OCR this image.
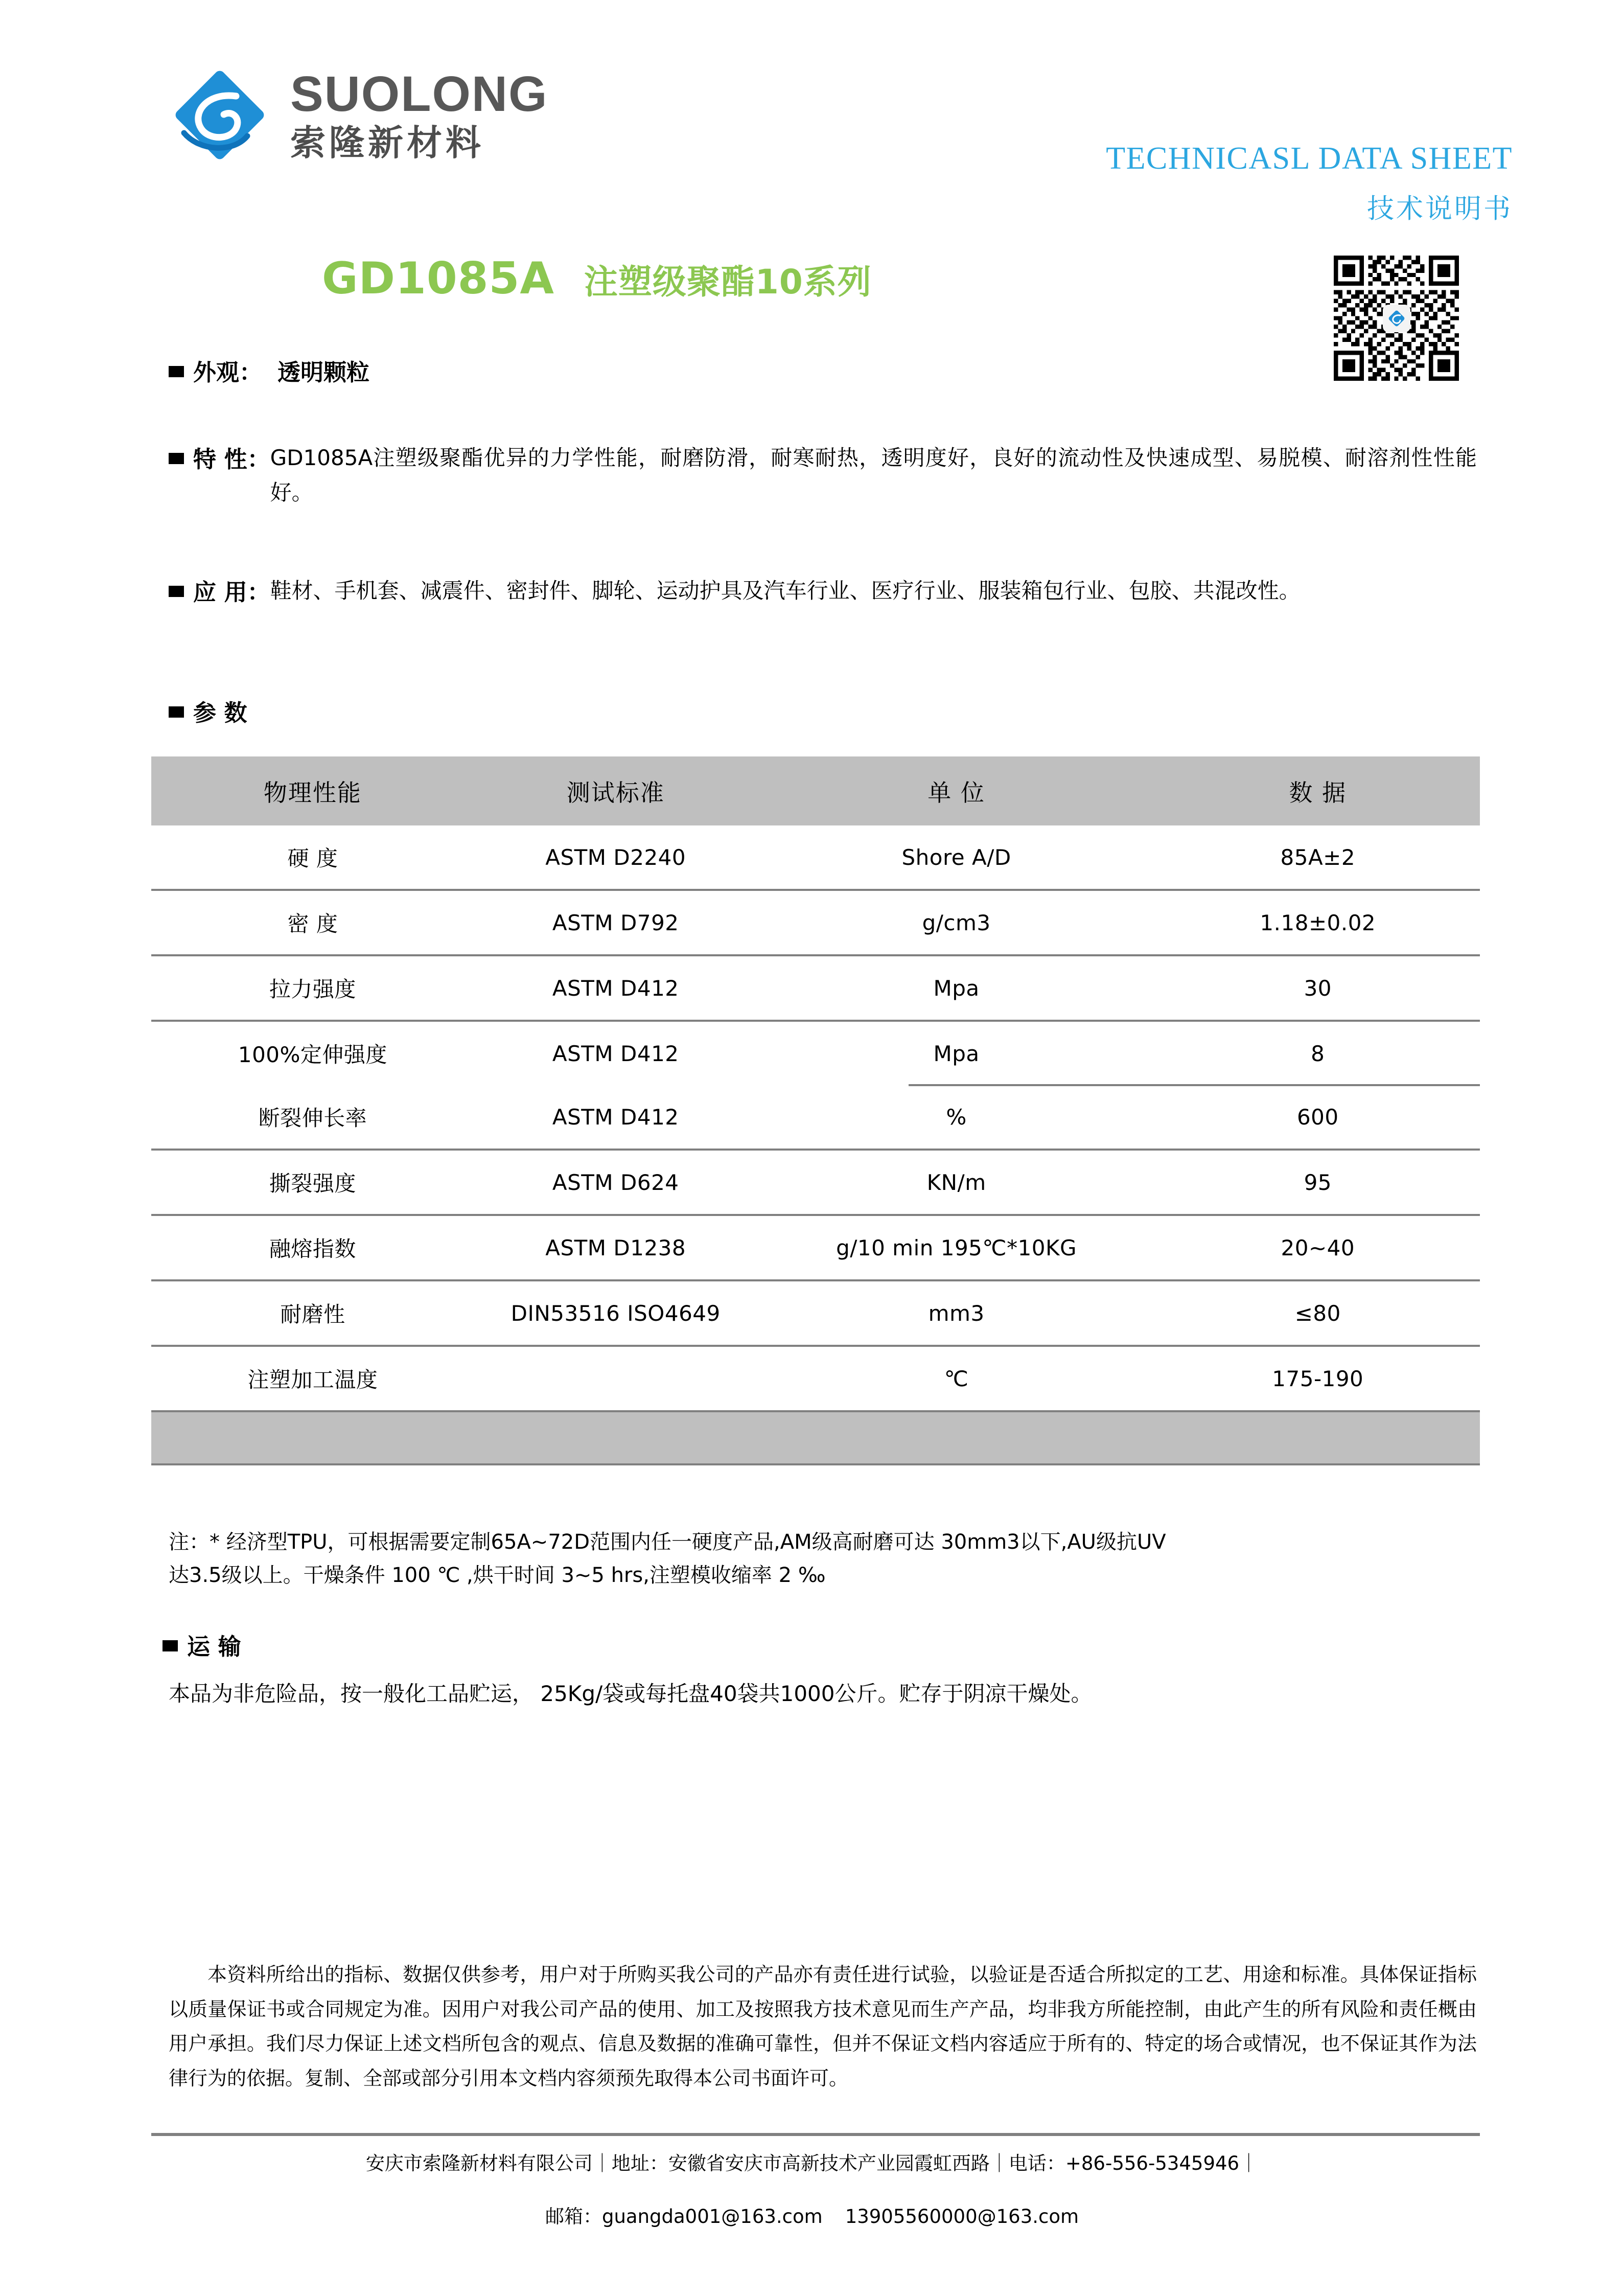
SUOLONG
索隆新材料	TECHNICASL DATA SHEET
技术说明书
GD1085A 注塑级聚酯10系列
外观： 透明颗粒
特 性： GD1085A注塑级聚酯优异的力学性能，耐磨防滑，耐寒耐热，透明度好，良好的流动性及快速成型、易脱模、耐溶剂性性能好。
应 用： 鞋材、手机套、减震件、密封件、脚轮、运动护具及汽车行业、医疗行业、服装箱包行业、包胶、共混改性。
参 数
物理性能	测试标准	单 位	数 据
硬 度	ASTM D2240	Shore A/D	85A±2
密 度	ASTM D792	g/cm3	1.18±0.02
拉力强度	ASTM D412	Mpa	30
100%定伸强度	ASTM D412	Mpa	8
断裂伸长率	ASTM D412	%	600
撕裂强度	ASTM D624	KN/m	95
融熔指数	ASTM D1238	g/10 min 195℃*10KG	20~40
耐磨性	DIN53516 ISO4649	mm3	≤80
注塑加工温度		℃	175-190
注：* 经济型TPU，可根据需要定制65A~72D范围内任一硬度产品,AM级高耐磨可达 30mm3以下,AU级抗UV
达3.5级以上。干燥条件 100 ℃ ,烘干时间 3~5 hrs,注塑模收缩率 2 ‰
运 输
本品为非危险品，按一般化工品贮运， 25Kg/袋或每托盘40袋共1000公斤。贮存于阴凉干燥处。
本资料所给出的指标、数据仅供参考，用户对于所购买我公司的产品亦有责任进行试验，以验证是否适合所拟定的工艺、用途和标准。具体保证指标以质量保证书或合同规定为准。因用户对我公司产品的使用、加工及按照我方技术意见而生产产品，均非我方所能控制，由此产生的所有风险和责任概由用户承担。我们尽力保证上述文档所包含的观点、信息及数据的准确可靠性，但并不保证文档内容适应于所有的、特定的场合或情况，也不保证其作为法律行为的依据。复制、全部或部分引用本文档内容须预先取得本公司书面许可。
安庆市索隆新材料有限公司｜地址：安徽省安庆市高新技术产业园霞虹西路｜电话：+86-556-5345946｜
邮箱：guangda001@163.com 13905560000@163.com
